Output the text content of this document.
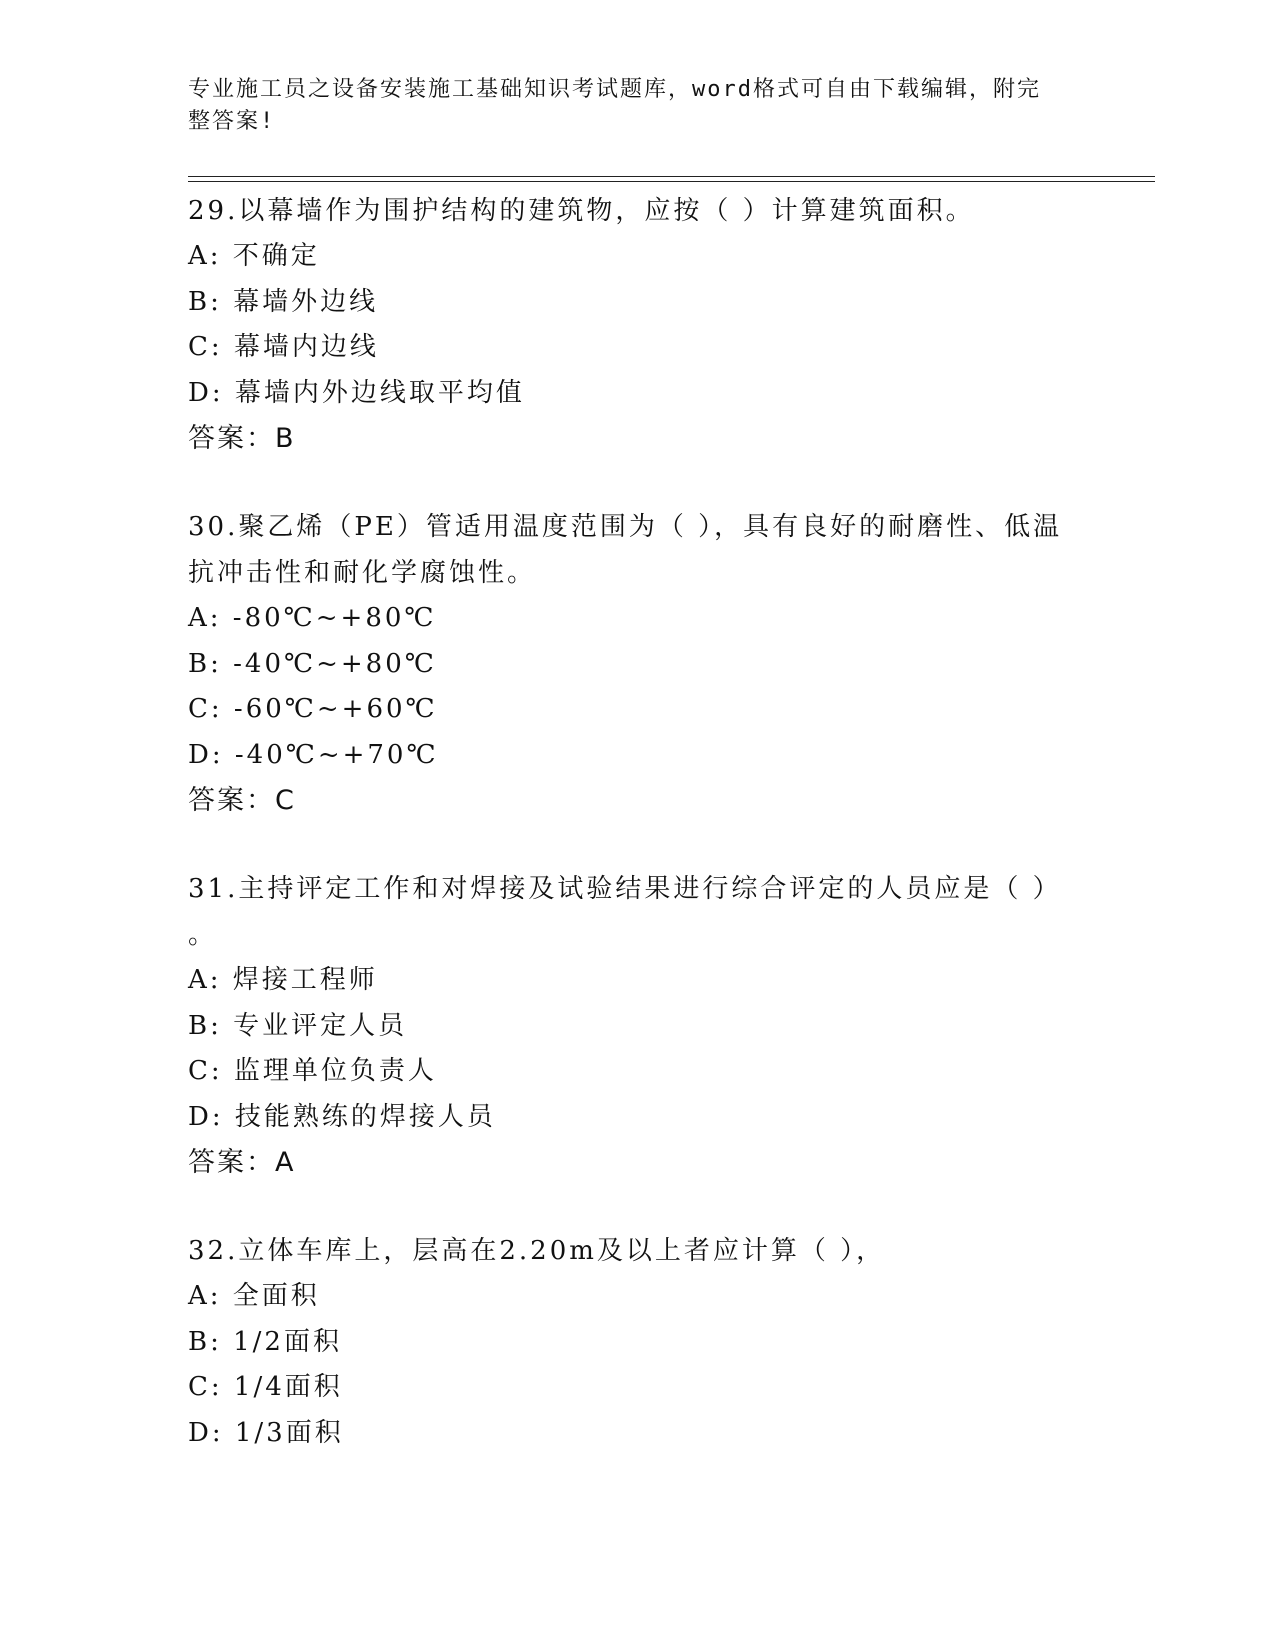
专业施工员之设备安装施工基础知识考试题库，word格式可自由下载编辑，附完
整答案!

29.以幕墙作为围护结构的建筑物，应按（ ）计算建筑面积。

A: 不确定

B: 幕墙外边线

C: 幕墙内边线

D: 幕墙内外边线取平均值

答案：B

30.聚乙烯（PE）管适用温度范围为（ ），具有良好的耐磨性、低温

抗冲击性和耐化学腐蚀性。

A: -80℃~+80℃

B: -40℃~+80℃

C: -60℃~+60℃

D: -40℃~+70℃

答案：C

31.主持评定工作和对焊接及试验结果进行综合评定的人员应是（ ）

。

A: 焊接工程师

B: 专业评定人员

C: 监理单位负责人

D: 技能熟练的焊接人员

答案：A

32.立体车库上，层高在2.20m及以上者应计算（ ），

A: 全面积

B: 1/2面积

C: 1/4面积

D: 1/3面积
